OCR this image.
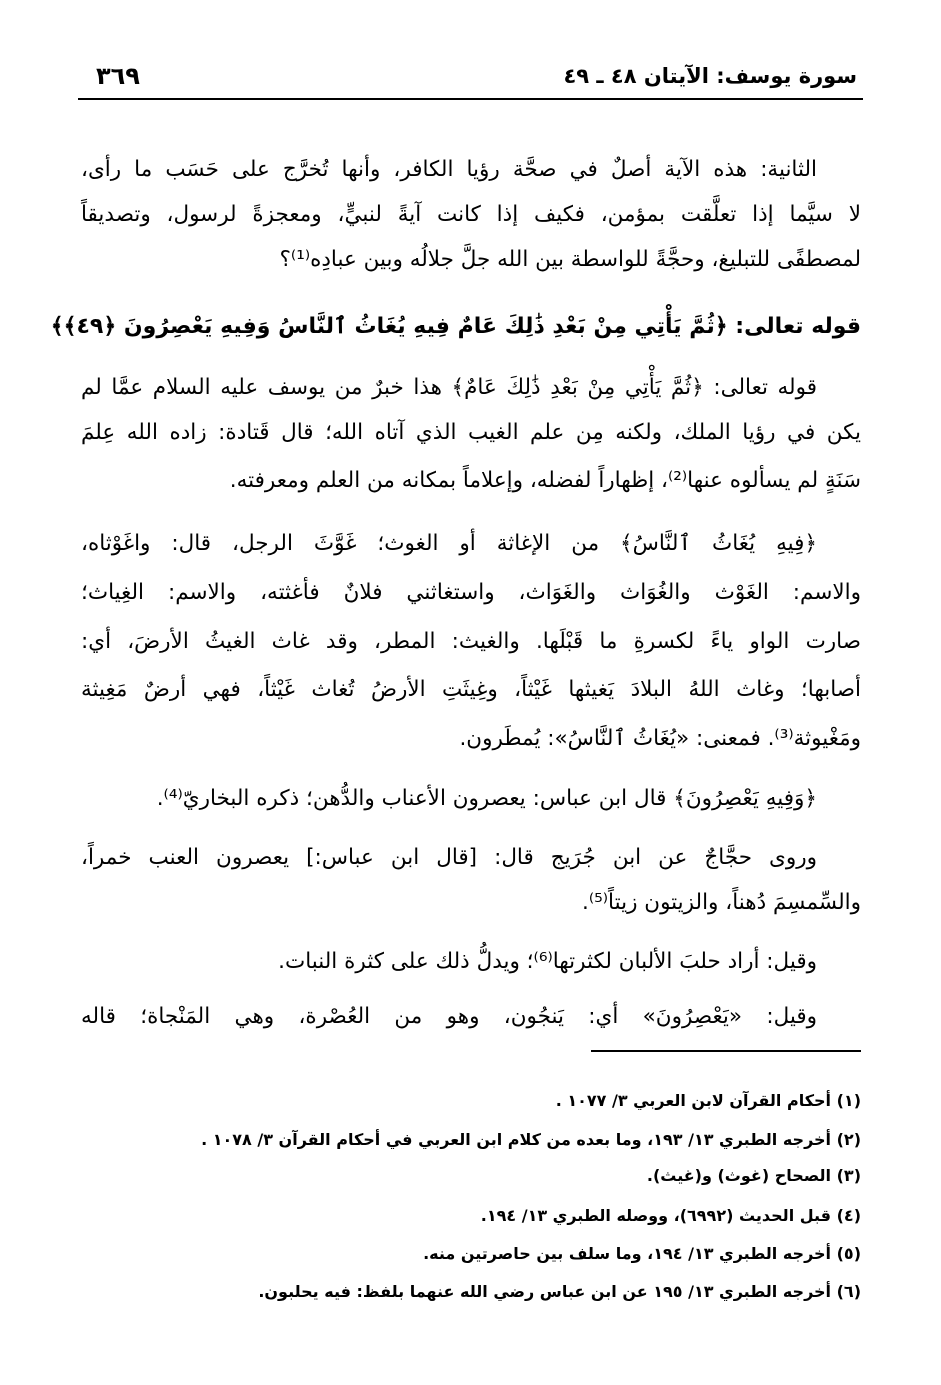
سورة يوسف: الآيتان ٤٨ ـ ٤٩
٣٦٩
الثانية: هذه الآية أصلٌ في صحَّة رؤيا الكافر، وأنها تُخرَّج على حَسَب ما رأى،
لا سيَّما إذا تعلَّقت بمؤمن، فكيف إذا كانت آيةً لنبيٍّ، ومعجزةً لرسول، وتصديقاً
لمصطفًى للتبليغ، وحجَّةً للواسطة بين الله جلَّ جلالُه وبين عبادِه⁽¹⁾؟
قوله تعالى: ﴿ثُمَّ يَأْتِي مِنْ بَعْدِ ذَٰلِكَ عَامٌ فِيهِ يُغَاثُ ٱلنَّاسُ وَفِيهِ يَعْصِرُونَ ﴿٤٩﴾﴾
قوله تعالى: ﴿ثُمَّ يَأْتِي مِنْ بَعْدِ ذَٰلِكَ عَامٌ﴾ هذا خبرٌ من يوسف عليه السلام عمَّا لم
يكن في رؤيا الملك، ولكنه مِن علم الغيب الذي آتاه الله؛ قال قَتادة: زاده الله عِلمَ
سَنَةٍ لم يسألوه عنها⁽²⁾، إظهاراً لفضله، وإعلاماً بمكانه من العلم ومعرفته.
﴿فِيهِ يُغَاثُ ٱلنَّاسُ﴾ من الإغاثة أو الغوث؛ غَوَّثَ الرجل، قال: واغَوْثاه،
والاسم: الغَوْث والغُوَاث والغَوَاث، واستغاثني فلانٌ فأغثته، والاسم: الغِياث؛
صارت الواو ياءً لكسرةِ ما قَبْلَها. والغيث: المطر، وقد غاث الغيثُ الأرضَ، أي:
أصابها؛ وغاث اللهُ البلادَ يَغيثها غَيْثاً، وغِيثَتِ الأرضُ تُغاث غَيْثاً، فهي أرضٌ مَغِيثة
ومَغْيوثة⁽³⁾. فمعنى: «يُغَاثُ ٱلنَّاسُ»: يُمطَرون.
﴿وَفِيهِ يَعْصِرُونَ﴾ قال ابن عباس: يعصرون الأعناب والدُّهن؛ ذكره البخاريّ⁽⁴⁾.
وروى حجَّاجٌ عن ابن جُرَيج قال: [قال ابن عباس:] يعصرون العنب خمراً،
والسِّمسِمَ دُهناً، والزيتون زيتاً⁽⁵⁾.
وقيل: أراد حلبَ الألبان لكثرتها⁽⁶⁾؛ ويدلُّ ذلك على كثرة النبات.
وقيل: «يَعْصِرُونَ» أي: يَنجُون، وهو من العُصْرة، وهي المَنْجاة؛ قاله
(١) أحكام القرآن لابن العربي ٣/ ١٠٧٧ .
(٢) أخرجه الطبري ١٣/ ١٩٣، وما بعده من كلام ابن العربي في أحكام القرآن ٣/ ١٠٧٨ .
(٣) الصحاح (غوث) و(غيث).
(٤) قبل الحديث (٦٩٩٢)، ووصله الطبري ١٣/ ١٩٤.
(٥) أخرجه الطبري ١٣/ ١٩٤، وما سلف بين حاصرتين منه.
(٦) أخرجه الطبري ١٣/ ١٩٥ عن ابن عباس رضي الله عنهما بلفظ: فيه يحلبون.
